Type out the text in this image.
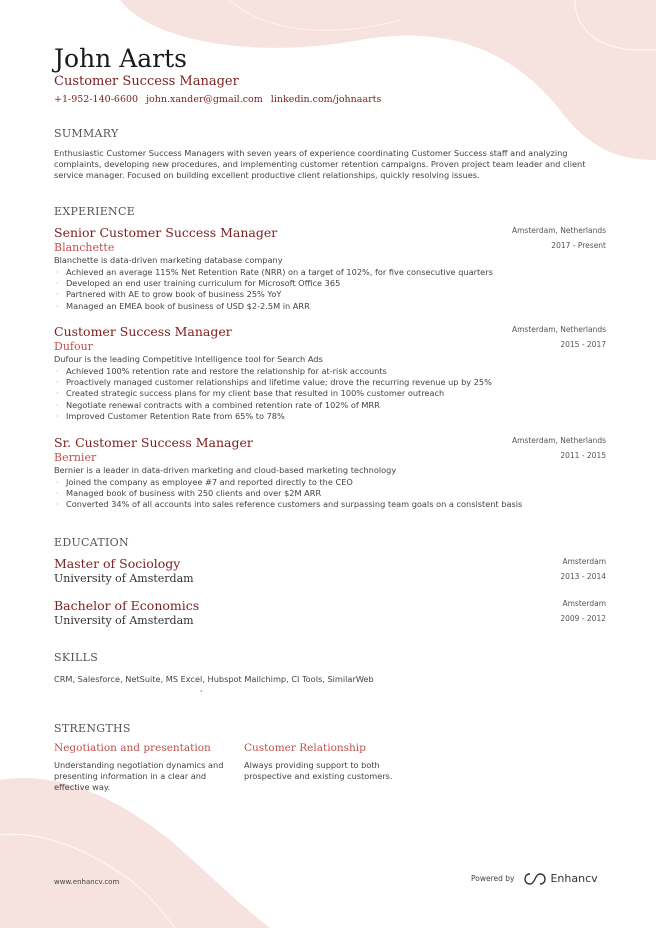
John Aarts
Customer Success Manager
+1-952-140-6600 john.xander@gmail.com linkedin.com/johnaarts
SUMMARY

Enthusiastic Customer Success Managers with seven years of experience coordinating Customer Success staff and analyzing complaints, developing new procedures, and implementing customer retention campaigns. Proven project team leader and client service manager. Focused on building excellent productive client relationships, quickly resolving issues.

EXPERIENCE
Senior Customer Success Manager
Blanchette
Blanchette is data-driven marketing database company
· Achieved an average 115% Net Retention Rate (NRR) on a target of 102%, for five consecutive quarters
· Developed an end user training curriculum for Microsoft Office 365
· Partnered with AE to grow book of business 25% YoY
· Managed an EMEA book of business of USD $2-2.5M in ARR
Amsterdam, Netherlands
2017 - Present
Customer Success Manager
Dufour
Dufour is the leading Competitive Intelligence tool for Search Ads
· Achieved 100% retention rate and restore the relationship for at-risk accounts
· Proactively managed customer relationships and lifetime value; drove the recurring revenue up by 25%
· Created strategic success plans for my client base that resulted in 100% customer outreach
· Negotiate renewal contracts with a combined retention rate of 102% of MRR
· Improved Customer Retention Rate from 65% to 78%
Amsterdam, Netherlands
2015 - 2017
Sr. Customer Success Manager
Bernier
Bernier is a leader in data-driven marketing and cloud-based marketing technology
· Joined the company as employee #7 and reported directly to the CEO
· Managed book of business with 250 clients and over $2M ARR
· Converted 34% of all accounts into sales reference customers and surpassing team goals on a consistent basis
Amsterdam, Netherlands
2011 - 2015
EDUCATION
Master of Sociology
University of Amsterdam
Amsterdam
2013 - 2014
Bachelor of Economics
University of Amsterdam
Amsterdam
2009 - 2012
SKILLS
CRM, Salesforce, NetSuite, MS Excel, Hubspot Mailchimp, CI Tools, SimilarWeb
,
STRENGTHS
Negotiation and presentation
Understanding negotiation dynamics and presenting information in a clear and effective way.
Customer Relationship
Always providing support to both prospective and existing customers.
www.enhancv.com	Powered by	Enhancv
